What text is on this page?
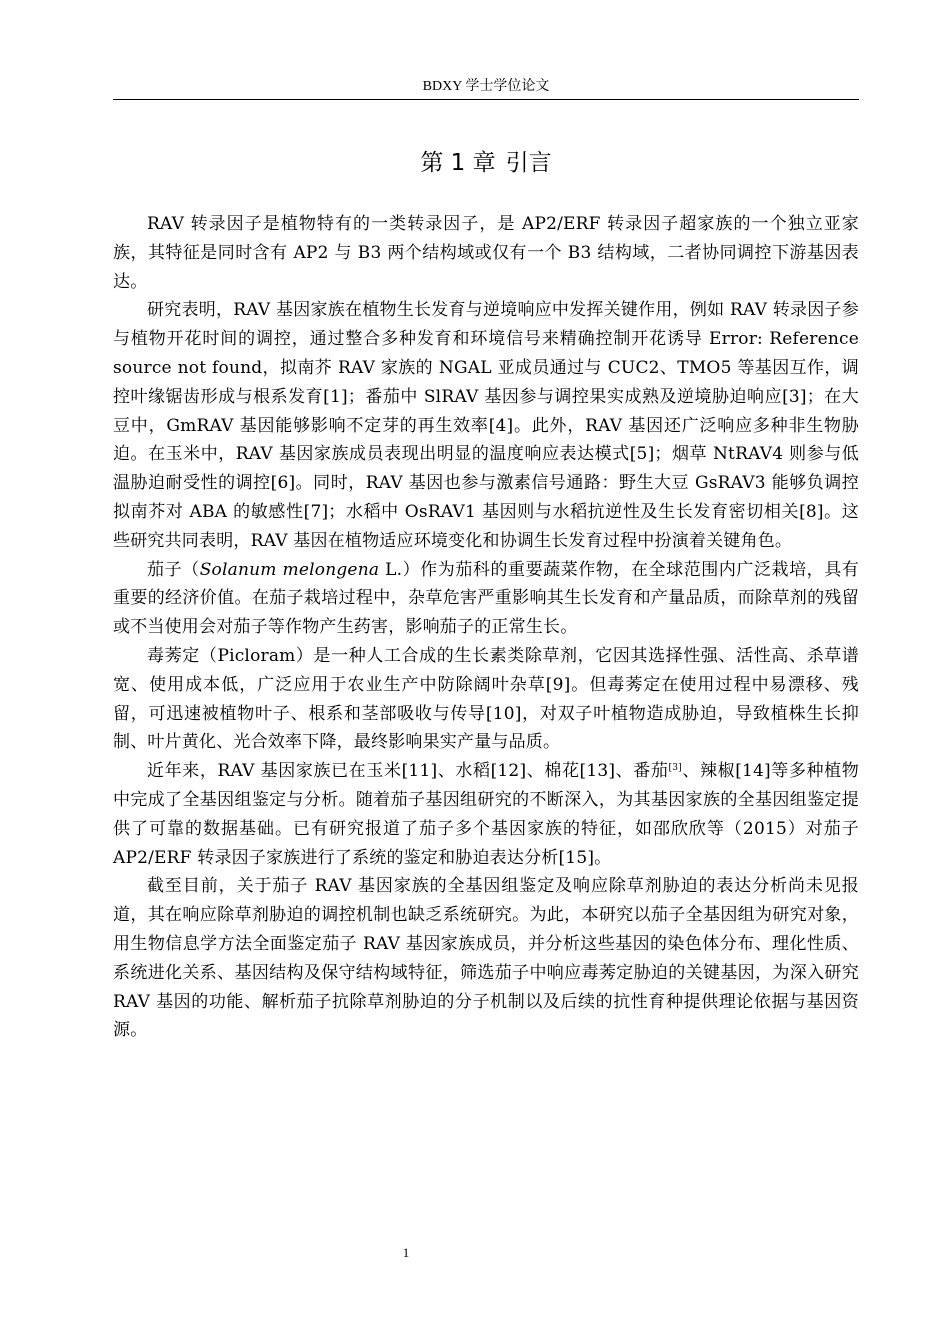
BDXY 学士学位论文
第 1 章 引言

RAV 转录因子是植物特有的一类转录因子，是 AP2/ERF 转录因子超家族的一个独立亚家族，其特征是同时含有 AP2 与 B3 两个结构域或仅有一个 B3 结构域，二者协同调控下游基因表达。

研究表明，RAV 基因家族在植物生长发育与逆境响应中发挥关键作用，例如 RAV 转录因子参与植物开花时间的调控，通过整合多种发育和环境信号来精确控制开花诱导 Error: Reference source not found，拟南芥 RAV 家族的 NGAL 亚成员通过与 CUC2、TMO5 等基因互作，调控叶缘锯齿形成与根系发育[1]；番茄中 SlRAV 基因参与调控果实成熟及逆境胁迫响应[3]；在大豆中，GmRAV 基因能够影响不定芽的再生效率[4]。此外，RAV 基因还广泛响应多种非生物胁迫。在玉米中，RAV 基因家族成员表现出明显的温度响应表达模式[5]；烟草 NtRAV4 则参与低温胁迫耐受性的调控[6]。同时，RAV 基因也参与激素信号通路：野生大豆 GsRAV3 能够负调控拟南芥对 ABA 的敏感性[7]；水稻中 OsRAV1 基因则与水稻抗逆性及生长发育密切相关[8]。这些研究共同表明，RAV 基因在植物适应环境变化和协调生长发育过程中扮演着关键角色。

茄子（Solanum melongena L.）作为茄科的重要蔬菜作物，在全球范围内广泛栽培，具有重要的经济价值。在茄子栽培过程中，杂草危害严重影响其生长发育和产量品质，而除草剂的残留或不当使用会对茄子等作物产生药害，影响茄子的正常生长。

毒莠定（Picloram）是一种人工合成的生长素类除草剂，它因其选择性强、活性高、杀草谱宽、使用成本低，广泛应用于农业生产中防除阔叶杂草[9]。但毒莠定在使用过程中易漂移、残留，可迅速被植物叶子、根系和茎部吸收与传导[10]，对双子叶植物造成胁迫，导致植株生长抑制、叶片黄化、光合效率下降，最终影响果实产量与品质。

近年来，RAV 基因家族已在玉米[11]、水稻[12]、棉花[13]、番茄[3]、辣椒[14]等多种植物中完成了全基因组鉴定与分析。随着茄子基因组研究的不断深入，为其基因家族的全基因组鉴定提供了可靠的数据基础。已有研究报道了茄子多个基因家族的特征，如邵欣欣等（2015）对茄子 AP2/ERF 转录因子家族进行了系统的鉴定和胁迫表达分析[15]。

截至目前，关于茄子 RAV 基因家族的全基因组鉴定及响应除草剂胁迫的表达分析尚未见报道，其在响应除草剂胁迫的调控机制也缺乏系统研究。为此，本研究以茄子全基因组为研究对象，用生物信息学方法全面鉴定茄子 RAV 基因家族成员，并分析这些基因的染色体分布、理化性质、系统进化关系、基因结构及保守结构域特征，筛选茄子中响应毒莠定胁迫的关键基因，为深入研究 RAV 基因的功能、解析茄子抗除草剂胁迫的分子机制以及后续的抗性育种提供理论依据与基因资源。

1
